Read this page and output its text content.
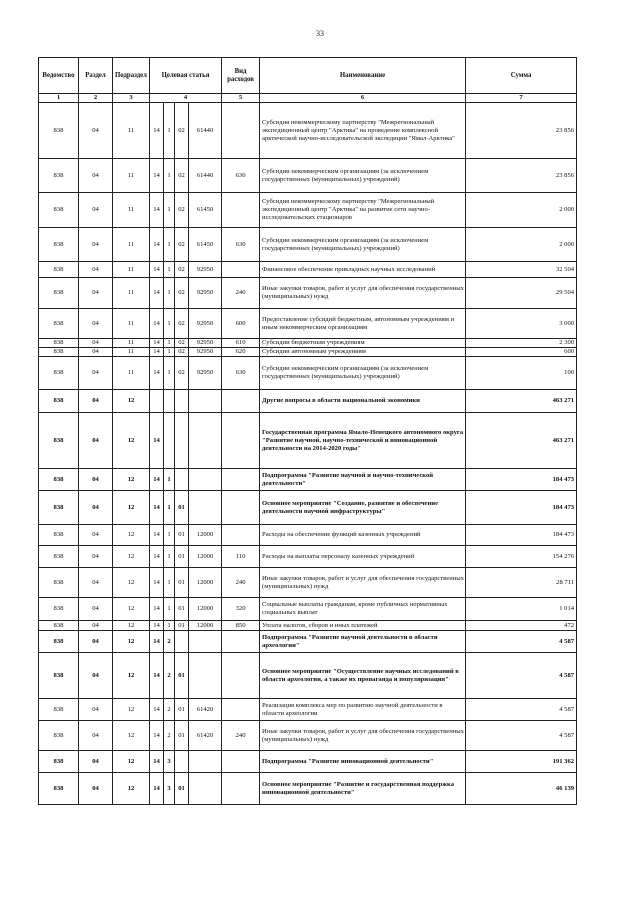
33
Ведомство	Раздел	Подраздел	Целевая статья				Вид расходов	Наименование	Сумма
1	2	3	4				5	6	7
838	04	11	14	1	02	61440		Субсидия некоммерческому партнерству "Межрегиональный экспедиционный центр "Арктика" на проведение комплексной арктической научно-исследовательской экспедиции "Ямал-Арктика"	23 856
838	04	11	14	1	02	61440	630	Субсидии некоммерческим организациям (за исключением государственных (муниципальных) учреждений)	23 856
838	04	11	14	1	02	61450		Субсидия некоммерческому партнерству "Межрегиональный экспедиционный центр "Арктика" на развитие сети научно-исследовательских стационаров	2 000
838	04	11	14	1	02	61450	630	Субсидии некоммерческим организациям (за исключением государственных (муниципальных) учреждений)	2 000
838	04	11	14	1	02	92950		Финансовое обеспечение прикладных научных исследований	32 504
838	04	11	14	1	02	92950	240	Иные закупки товаров, работ и услуг для обеспечения государственных (муниципальных) нужд	29 504
838	04	11	14	1	02	92950	600	Предоставление субсидий бюджетным, автономным учреждениям и иным некоммерческим организациям	3 000
838	04	11	14	1	02	92950	610	Субсидии бюджетным учреждениям	2 300
838	04	11	14	1	02	92950	620	Субсидии автономным учреждениям	600
838	04	11	14	1	02	92950	630	Субсидии некоммерческим организациям (за исключением государственных (муниципальных) учреждений)	100
838	04	12						Другие вопросы в области национальной экономики	463 271
838	04	12	14					Государственная программа Ямало-Ненецкого автономного округа "Развитие научной, научно-технической и инновационной деятельности на 2014-2020 годы"	463 271
838	04	12	14	1				Подпрограмма "Развитие научной и научно-технической деятельности"	184 473
838	04	12	14	1	01			Основное мероприятие "Создание, развитие и обеспечение деятельности научной инфраструктуры"	184 473
838	04	12	14	1	01	12000		Расходы на обеспечение функций казенных учреждений	184 473
838	04	12	14	1	01	12000	110	Расходы на выплаты персоналу казенных учреждений	154 276
838	04	12	14	1	01	12000	240	Иные закупки товаров, работ и услуг для обеспечения государственных (муниципальных) нужд	28 711
838	04	12	14	1	01	12000	320	Социальные выплаты гражданам, кроме публичных нормативных социальных выплат	1 014
838	04	12	14	1	01	12000	850	Уплата налогов, сборов и иных платежей	472
838	04	12	14	2				Подпрограмма "Развитие научной деятельности в области археологии"	4 587
838	04	12	14	2	01			Основное мероприятие "Осуществление научных исследований в области археологии, а также их пропаганда и популяризация"	4 587
838	04	12	14	2	01	61420		Реализация комплекса мер по развитию научной деятельности в области археологии	4 587
838	04	12	14	2	01	61420	240	Иные закупки товаров, работ и услуг для обеспечения государственных (муниципальных) нужд	4 587
838	04	12	14	3				Подпрограмма "Развитие инновационной деятельности"	191 362
838	04	12	14	3	01			Основное мероприятие "Развитие и государственная поддержка инновационной деятельности"	46 139
